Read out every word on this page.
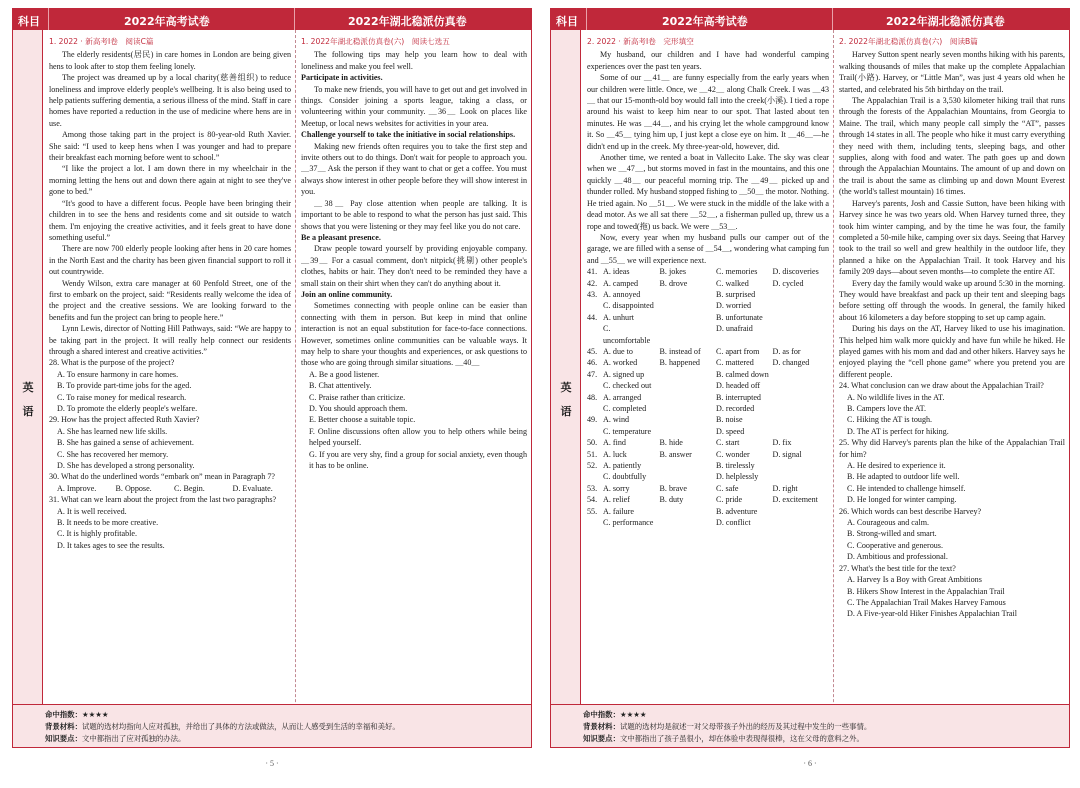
科目	2022年高考试卷	2022年湖北稳派仿真卷
英
语
1. 2022 · 新高考Ⅰ卷　阅读C篇

The elderly residents(居民) in care homes in London are being given hens to look after to stop them feeling lonely.

The project was dreamed up by a local charity(慈善组织) to reduce loneliness and improve elderly people's wellbeing. It is also being used to help patients suffering dementia, a serious illness of the mind. Staff in care homes have reported a reduction in the use of medicine where hens are in use.

Among those taking part in the project is 80-year-old Ruth Xavier. She said: “I used to keep hens when I was younger and had to prepare their breakfast each morning before went to school.”

“I like the project a lot. I am down there in my wheelchair in the morning letting the hens out and down there again at night to see they've gone to bed.”

“It's good to have a different focus. People have been bringing their children in to see the hens and residents come and sit outside to watch them. I'm enjoying the creative activities, and it feels great to have done something useful.”

There are now 700 elderly people looking after hens in 20 care homes in the North East and the charity has been given financial support to roll it out countrywide.

Wendy Wilson, extra care manager at 60 Penfold Street, one of the first to embark on the project, said: “Residents really welcome the idea of the project and the creative sessions. We are looking forward to the benefits and fun the project can bring to people here.”

Lynn Lewis, director of Notting Hill Pathways, said: “We are happy to be taking part in the project. It will really help connect our residents through a shared interest and creative activities.”

28. What is the purpose of the project?
A. To ensure harmony in care homes.
B. To provide part-time jobs for the aged.
C. To raise money for medical research.
D. To promote the elderly people's welfare.
29. How has the project affected Ruth Xavier?
A. She has learned new life skills.
B. She has gained a sense of achievement.
C. She has recovered her memory.
D. She has developed a strong personality.
30. What do the underlined words “embark on” mean in Paragraph 7?
A. Improve.	B. Oppose.	C. Begin.	D. Evaluate.
31. What can we learn about the project from the last two paragraphs?
A. It is well received.
B. It needs to be more creative.
C. It is highly profitable.
D. It takes ages to see the results.
1. 2022年湖北稳派仿真卷(六)　阅读七选五

The following tips may help you learn how to deal with loneliness and make you feel well.

Participate in activities.

To make new friends, you will have to get out and get involved in things. Consider joining a sports league, taking a class, or volunteering within your community. ＿36＿ Look on places like Meetup, or local news websites for activities in your area.

Challenge yourself to take the initiative in social relationships.

Making new friends often requires you to take the first step and invite others out to do things. Don't wait for people to approach you. ＿37＿ Ask the person if they want to chat or get a coffee. You must always show interest in other people before they will show interest in you.

＿38＿ Pay close attention when people are talking. It is important to be able to respond to what the person has just said. This shows that you were listening or they may feel like you do not care.

Be a pleasant presence.

Draw people toward yourself by providing enjoyable company. ＿39＿ For a casual comment, don't nitpick(挑剔) other people's clothes, habits or hair. They don't need to be reminded they have a small stain on their shirt when they can't do anything about it.

Join an online community.

Sometimes connecting with people online can be easier than connecting with them in person. But keep in mind that online interaction is not an equal substitution for face-to-face connections. However, sometimes online communities can be valuable ways. It may help to share your thoughts and experiences, or ask questions to those who are going through similar situations. ＿40＿

A. Be a good listener.
B. Chat attentively.
C. Praise rather than criticize.
D. You should approach them.
E. Better choose a suitable topic.
F. Online discussions often allow you to help others while being helped yourself.
G. If you are very shy, find a group for social anxiety, even though it has to be online.
命中指数：★★★★
背景材料：试题的选材均指向人应对孤独，并给出了具体的方法或做法，从而让人感受到生活的幸福和美好。
知识要点：文中都指出了应对孤独的办法。
· 5 ·
科目	2022年高考试卷	2022年湖北稳派仿真卷
英
语
2. 2022 · 新高考Ⅰ卷　完形填空

My husband, our children and I have had wonderful camping experiences over the past ten years.

Some of our ＿41＿ are funny especially from the early years when our children were little. Once, we ＿42＿ along Chalk Creek. I was ＿43＿ that our 15-month-old boy would fall into the creek(小溪). I tied a rope around his waist to keep him near to our spot. That lasted about ten minutes. He was ＿44＿, and his crying let the whole campground know it. So ＿45＿ tying him up, I just kept a close eye on him. It ＿46＿—he didn't end up in the creek. My three-year-old, however, did.

Another time, we rented a boat in Vallecito Lake. The sky was clear when we ＿47＿, but storms moved in fast in the mountains, and this one quickly ＿48＿ our peaceful morning trip. The ＿49＿ picked up and thunder rolled. My husband stopped fishing to ＿50＿ the motor. Nothing. He tried again. No ＿51＿. We were stuck in the middle of the lake with a dead motor. As we all sat there ＿52＿, a fisherman pulled up, threw us a rope and towed(拖) us back. We were ＿53＿.

Now, every year when my husband pulls our camper out of the garage, we are filled with a sense of ＿54＿, wondering what camping fun and ＿55＿ we will experience next.

41. A. ideas	B. jokes	C. memories	D. discoveries
42. A. camped	B. drove	C. walked	D. cycled
43. A. annoyed	B. surprised
C. disappointed	D. worried
44. A. unhurt	B. unfortunate
C. uncomfortable
D. unafraid
45. A. due to	B. instead of	C. apart from	D. as for
46. A. worked	B. happened	C. mattered	D. changed
47. A. signed up	B. calmed down
C. checked out	D. headed off
48. A. arranged	B. interrupted
C. completed	D. recorded
49. A. wind	B. noise
C. temperature	D. speed
50. A. find	B. hide	C. start	D. fix
51. A. luck	B. answer	C. wonder	D. signal
52. A. patiently	B. tirelessly
C. doubtfully	D. helplessly
53. A. sorry	B. brave	C. safe	D. right
54. A. relief	B. duty	C. pride	D. excitement
55. A. failure	B. adventure
C. performance	D. conflict
2. 2022年湖北稳派仿真卷(六)　阅读B篇

Harvey Sutton spent nearly seven months hiking with his parents, walking thousands of miles that make up the complete Appalachian Trail(小路). Harvey, or “Little Man”, was just 4 years old when he started, and celebrated his 5th birthday on the trail.

The Appalachian Trail is a 3,530 kilometer hiking trail that runs through the forests of the Appalachian Mountains, from Georgia to Maine. The trail, which many people call simply the “AT”, passes through 14 states in all. The people who hike it must carry everything they need with them, including tents, sleeping bags, and other supplies, along with food and water. The path goes up and down through the Appalachian Mountains. The amount of up and down on the trail is about the same as climbing up and down Mount Everest (the world's tallest mountain) 16 times.

Harvey's parents, Josh and Cassie Sutton, have been hiking with Harvey since he was two years old. When Harvey turned three, they took him winter camping, and by the time he was four, the family completed a 50-mile hike, camping over six days. Seeing that Harvey took to the trail so well and grew healthily in the outdoor life, they planned a hike on the Appalachian Trail. It took Harvey and his family 209 days—about seven months—to complete the entire AT.

Every day the family would wake up around 5:30 in the morning. They would have breakfast and pack up their tent and sleeping bags before setting off through the woods. In general, the family hiked about 16 kilometers a day before stopping to set up camp again.

During his days on the AT, Harvey liked to use his imagination. This helped him walk more quickly and have fun while he hiked. He played games with his mom and dad and other hikers. Harvey says he enjoyed playing the “cell phone game” where you pretend you are different people.

24. What conclusion can we draw about the Appalachian Trail?
A. No wildlife lives in the AT.
B. Campers love the AT.
C. Hiking the AT is tough.
D. The AT is perfect for hiking.
25. Why did Harvey's parents plan the hike of the Appalachian Trail for him?
A. He desired to experience it.
B. He adapted to outdoor life well.
C. He intended to challenge himself.
D. He longed for winter camping.
26. Which words can best describe Harvey?
A. Courageous and calm.
B. Strong-willed and smart.
C. Cooperative and generous.
D. Ambitious and professional.
27. What's the best title for the text?
A. Harvey Is a Boy with Great Ambitions
B. Hikers Show Interest in the Appalachian Trail
C. The Appalachian Trail Makes Harvey Famous
D. A Five-year-old Hiker Finishes Appalachian Trail
命中指数：★★★★
背景材料：试题的选材均是叙述一对父母带孩子外出的经历及其过程中发生的一些事情。
知识要点：文中都指出了孩子虽很小，却在体验中表现得很棒，这在父母的意料之外。
· 6 ·
